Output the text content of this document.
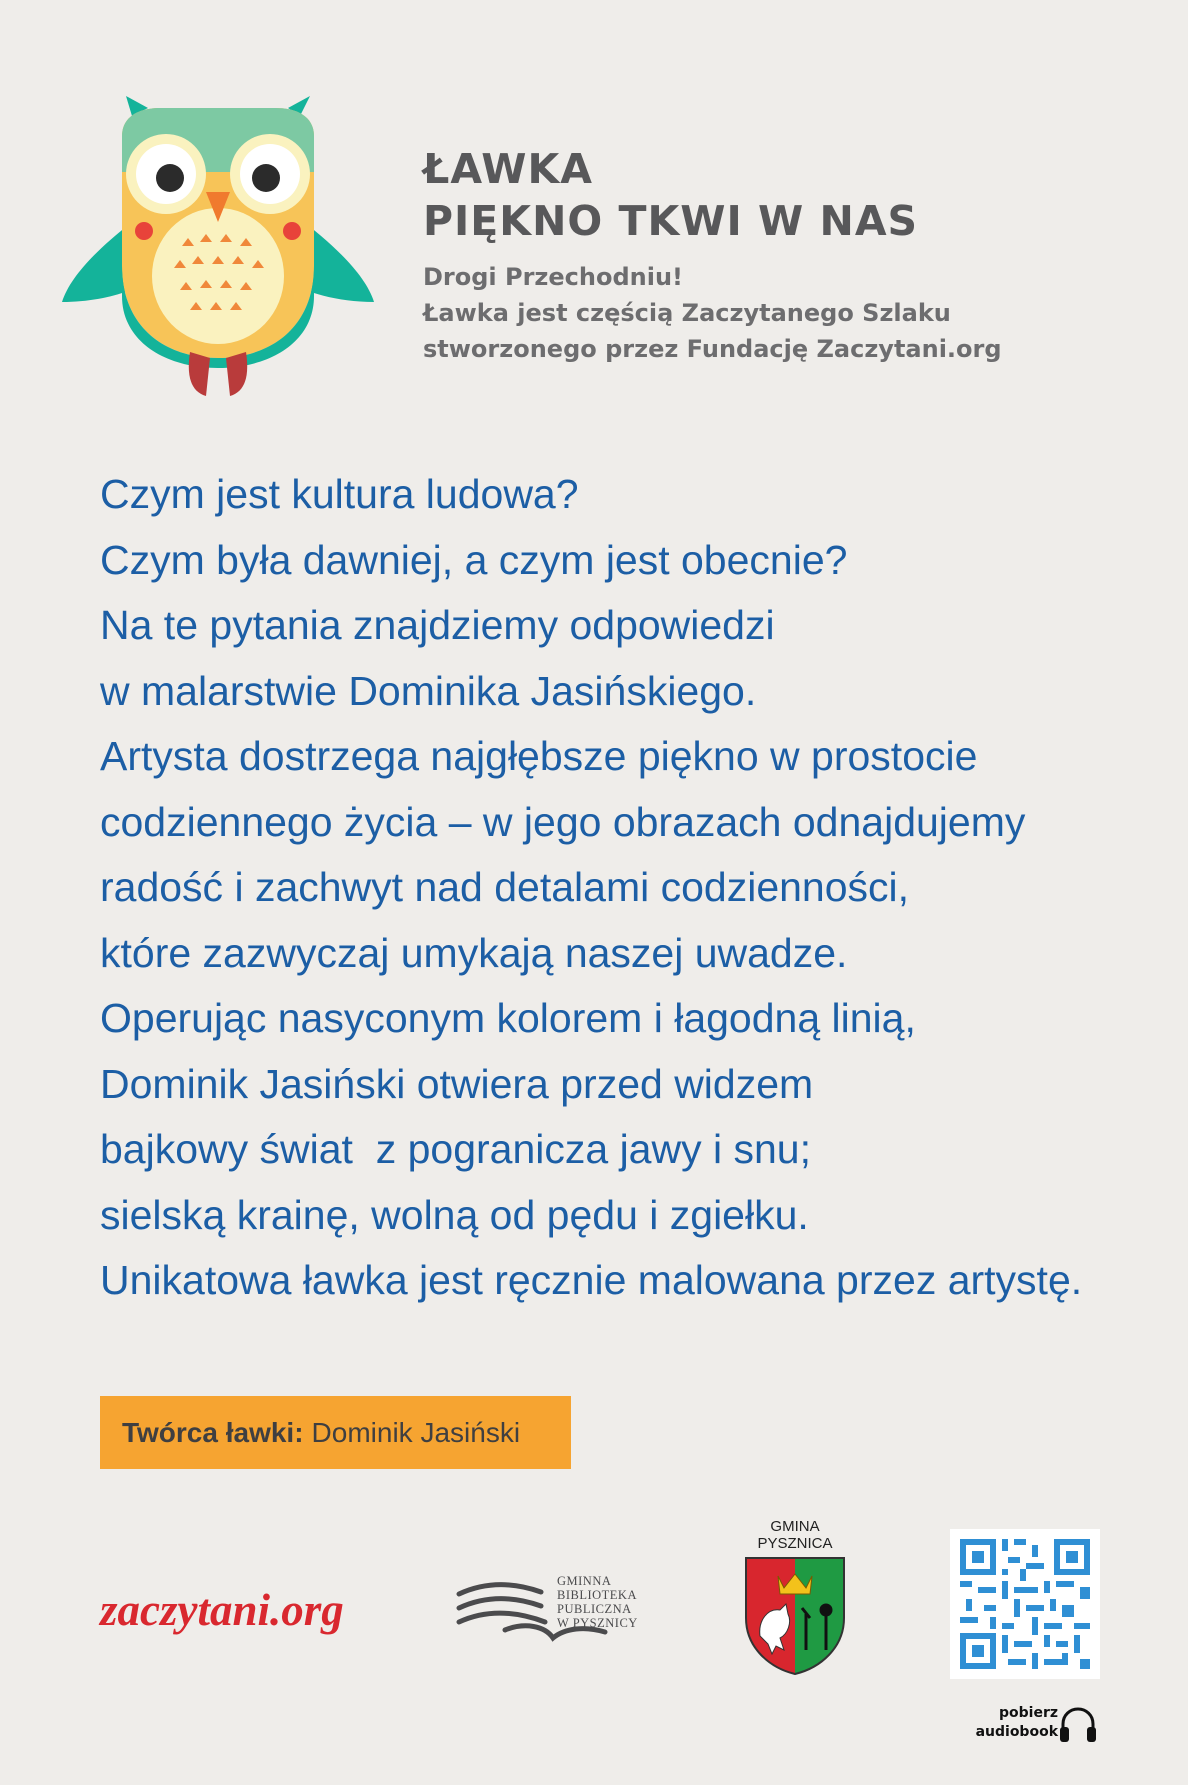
ŁAWKA
PIĘKNO TKWI W NAS
Drogi Przechodniu!
Ławka jest częścią Zaczytanego Szlaku
stworzonego przez Fundację Zaczytani.org
Czym jest kultura ludowa?
Czym była dawniej, a czym jest obecnie?
Na te pytania znajdziemy odpowiedzi
w malarstwie Dominika Jasińskiego.
Artysta dostrzega najgłębsze piękno w prostocie
codziennego życia – w jego obrazach odnajdujemy
radość i zachwyt nad detalami codzienności,
które zazwyczaj umykają naszej uwadze.
Operując nasyconym kolorem i łagodną linią,
Dominik Jasiński otwiera przed widzem
bajkowy świat  z pogranicza jawy i snu;
sielską krainę, wolną od pędu i zgiełku.
Unikatowa ławka jest ręcznie malowana przez artystę.
Twórca ławki: Dominik Jasiński
zaczytani.org
GMINNA
BIBLIOTEKA
PUBLICZNA
W PYSZNICY
GMINA
PYSZNICA
pobierz
audiobook
